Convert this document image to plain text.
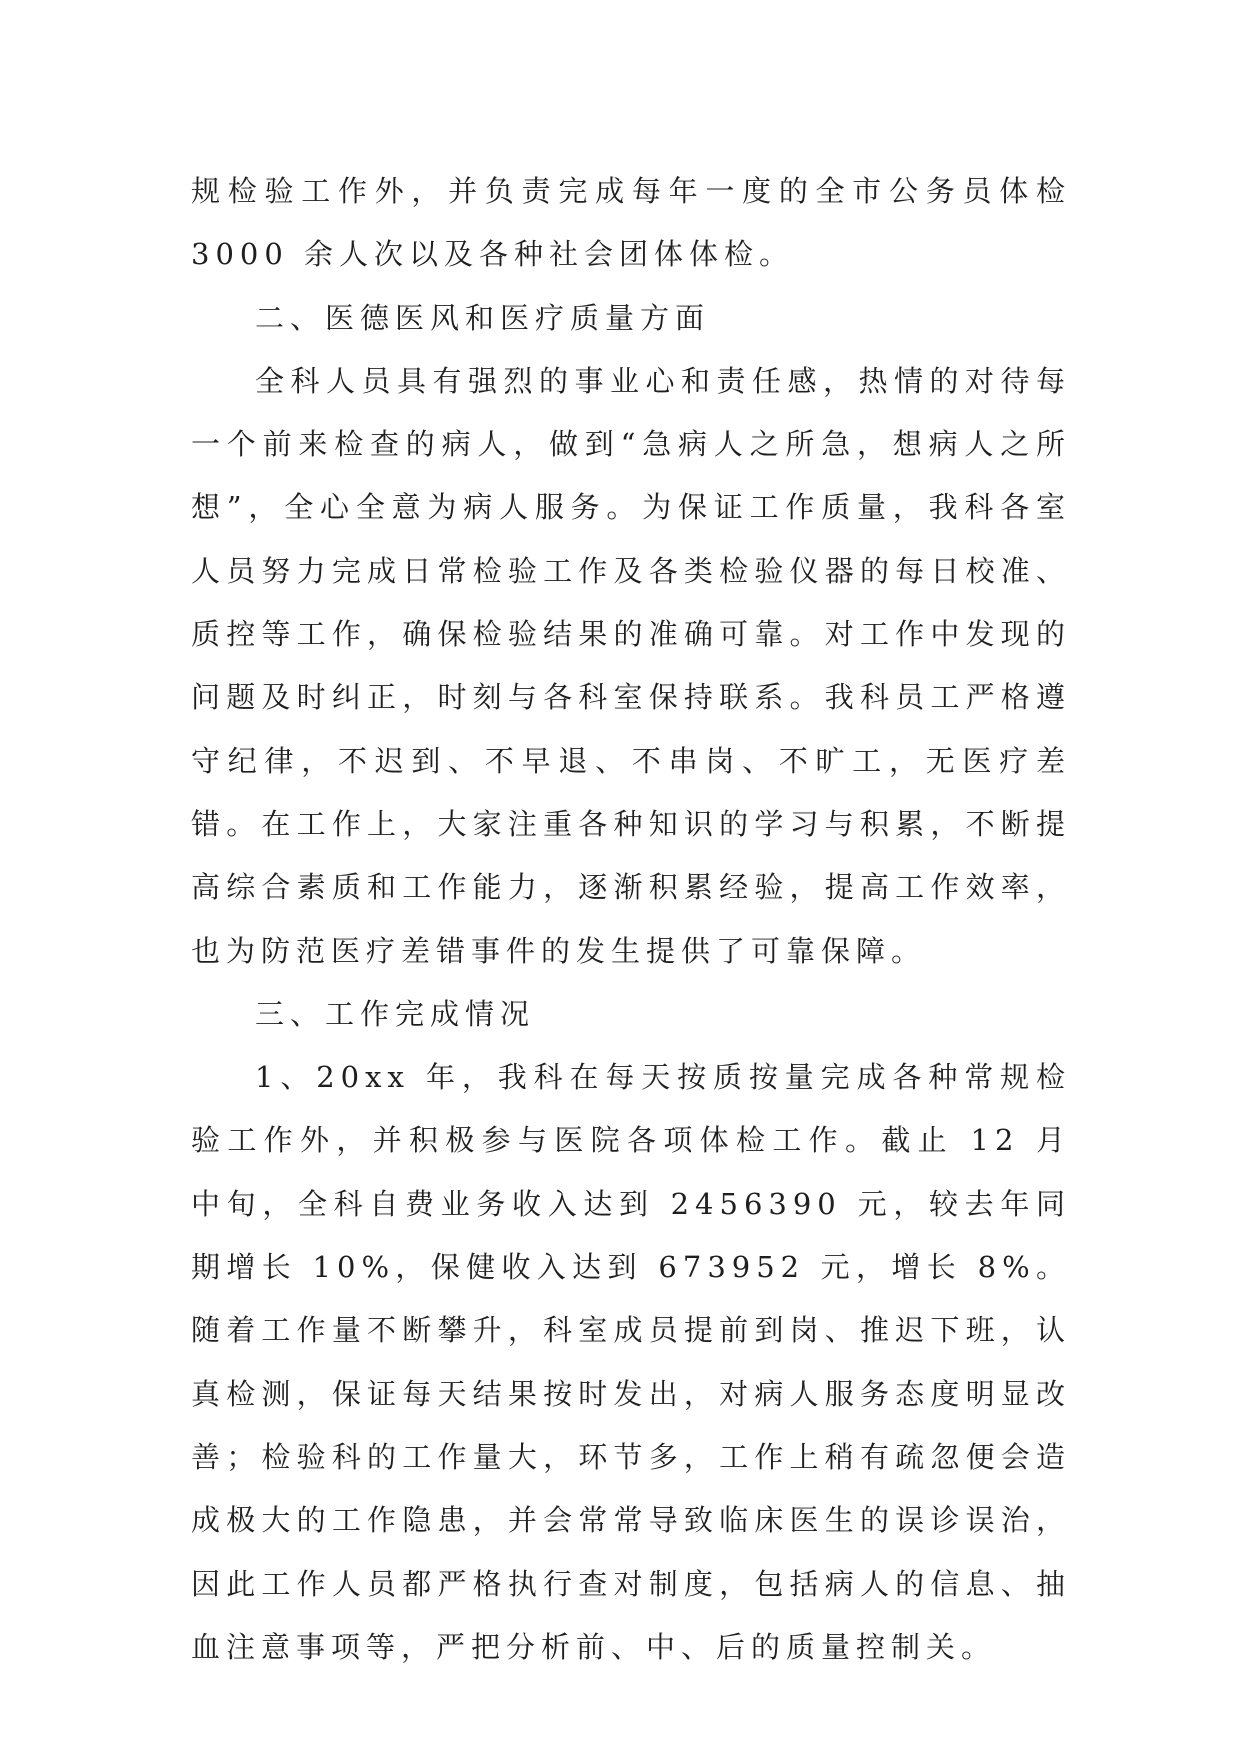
规检验工作外，并负责完成每年一度的全市公务员体检 3000 余人次以及各种社会团体体检。

二、医德医风和医疗质量方面

全科人员具有强烈的事业心和责任感，热情的对待每一个前来检查的病人，做到“急病人之所急，想病人之所想”，全心全意为病人服务。为保证工作质量，我科各室人员努力完成日常检验工作及各类检验仪器的每日校准、质控等工作，确保检验结果的准确可靠。对工作中发现的问题及时纠正，时刻与各科室保持联系。我科员工严格遵守纪律，不迟到、不早退、不串岗、不旷工，无医疗差错。在工作上，大家注重各种知识的学习与积累，不断提高综合素质和工作能力，逐渐积累经验，提高工作效率，也为防范医疗差错事件的发生提供了可靠保障。

三、工作完成情况

1、20xx 年，我科在每天按质按量完成各种常规检验工作外，并积极参与医院各项体检工作。截止 12 月中旬，全科自费业务收入达到 2456390 元，较去年同期增长 10%，保健收入达到 673952 元，增长 8%。随着工作量不断攀升，科室成员提前到岗、推迟下班，认真检测，保证每天结果按时发出，对病人服务态度明显改善；检验科的工作量大，环节多，工作上稍有疏忽便会造成极大的工作隐患，并会常常导致临床医生的误诊误治，因此工作人员都严格执行查对制度，包括病人的信息、抽血注意事项等，严把分析前、中、后的质量控制关。
